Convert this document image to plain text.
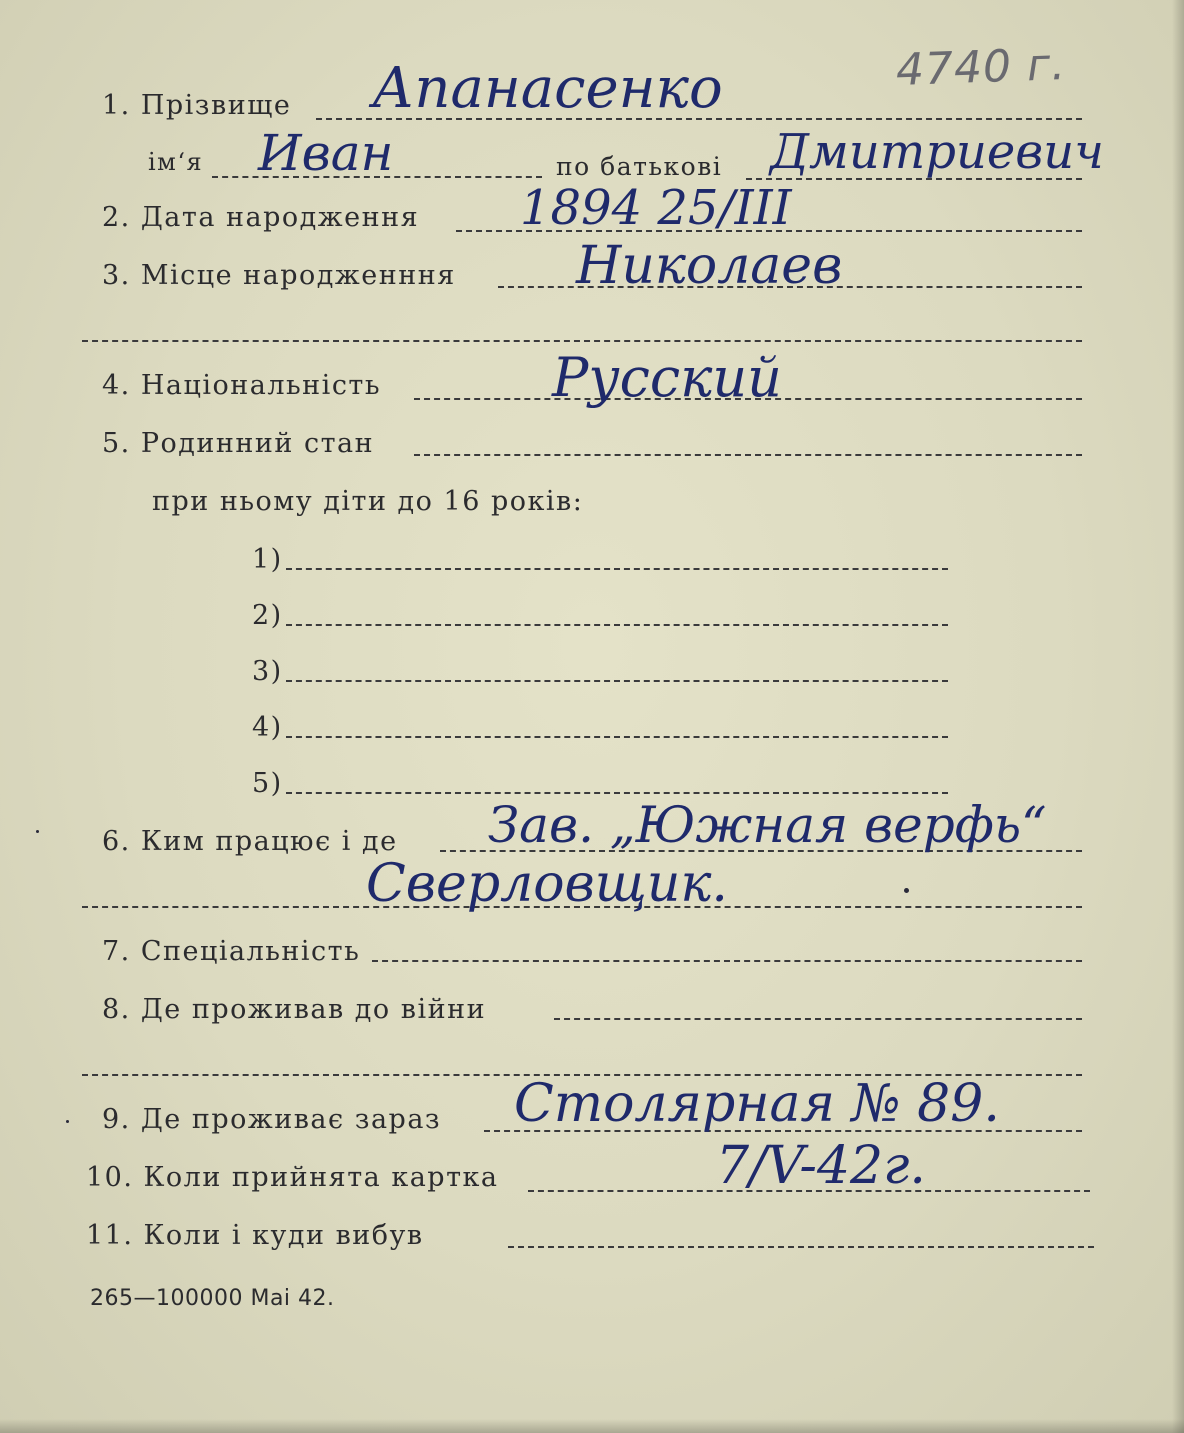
4740 г.
1. Прізвище Апанасенко
ім‘я Иван	по батькові Дмитриевич
2. Дата народження 1894 25/III
3. Місце народженння Николаев
4. Національність	Русский
5. Родинний стан
при ньому діти до 16 років:
1)
2)
3)
4)
5)
6. Ким працює і де Зав. „Южная верфь“
Сверловщик.
7. Спеціальність
8. Де проживав до війни
9. Де проживає зараз Столярная № 89.
10. Коли прийнята картка	7/V-42г.
11. Коли і куди вибув
265—100000 Mai 42.
